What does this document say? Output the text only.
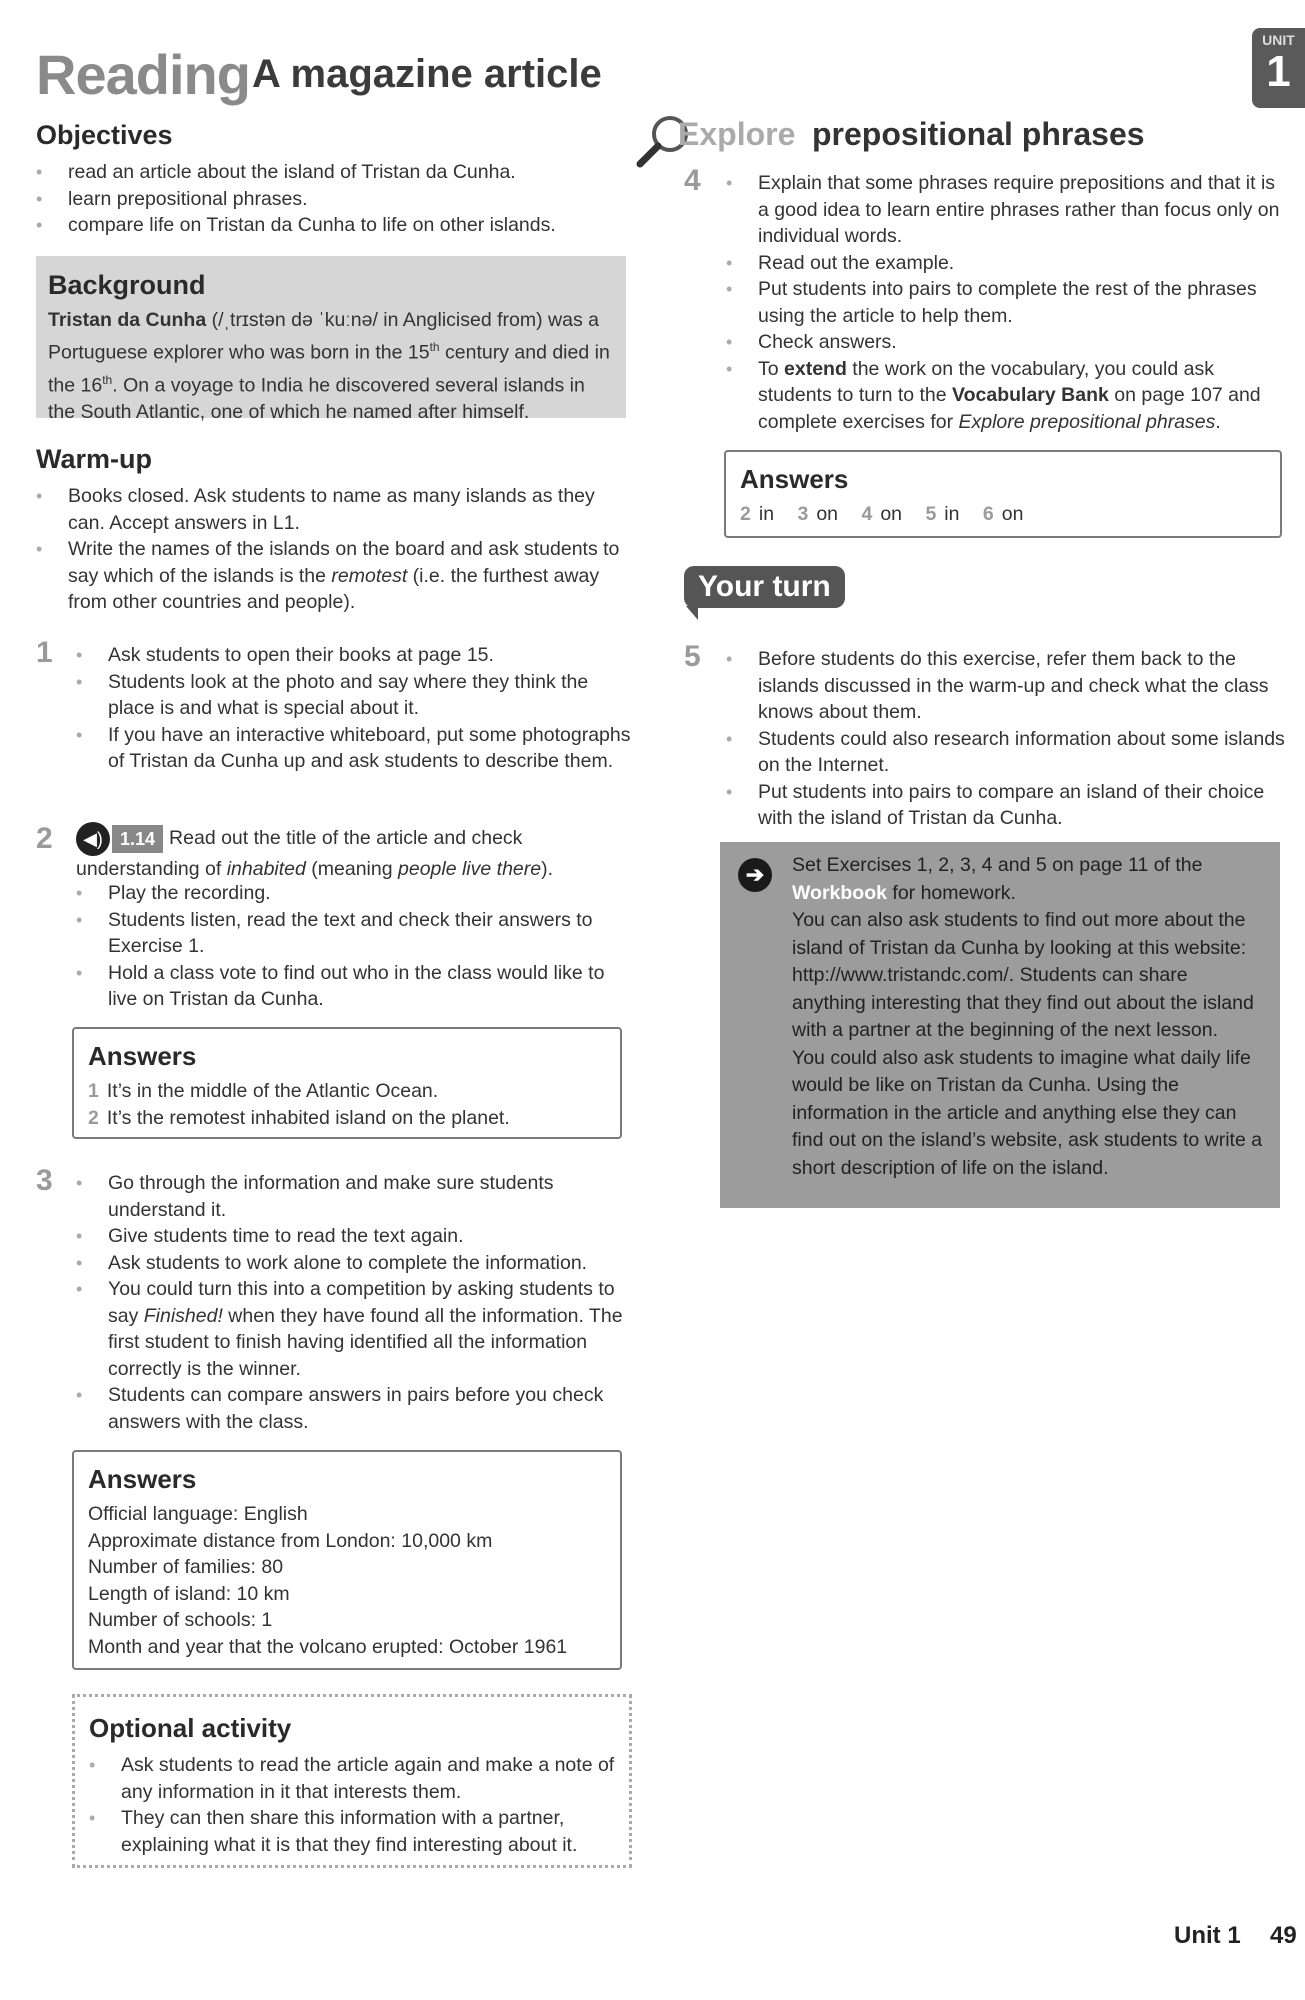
Reading A magazine article
UNIT
1
Objectives
• read an article about the island of Tristan da Cunha.
• learn prepositional phrases.
• compare life on Tristan da Cunha to life on other islands.
Background

Tristan da Cunha (/ˌtrɪstən də ˈkuːnə/ in Anglicised from) was a Portuguese explorer who was born in the 15th century and died in the 16th. On a voyage to India he discovered several islands in the South Atlantic, one of which he named after himself.

Warm-up
• Books closed. Ask students to name as many islands as they can. Accept answers in L1.
• Write the names of the islands on the board and ask students to say which of the islands is the remotest (i.e. the furthest away from other countries and people).
1	• Ask students to open their books at page 15.
• Students look at the photo and say where they think the place is and what is special about it.
• If you have an interactive whiteboard, put some photographs of Tristan da Cunha up and ask students to describe them.
2	◀) 1.14 Read out the title of the article and check understanding of inhabited (meaning people live there).
• Play the recording.
• Students listen, read the text and check their answers to Exercise 1.
• Hold a class vote to find out who in the class would like to live on Tristan da Cunha.
Answers
1 It’s in the middle of the Atlantic Ocean.
2 It’s the remotest inhabited island on the planet.
3	• Go through the information and make sure students understand it.
• Give students time to read the text again.
• Ask students to work alone to complete the information.
• You could turn this into a competition by asking students to say Finished! when they have found all the information. The first student to finish having identified all the information correctly is the winner.
• Students can compare answers in pairs before you check answers with the class.
Answers
Official language: English
Approximate distance from London: 10,000 km
Number of families: 80
Length of island: 10 km
Number of schools: 1
Month and year that the volcano erupted: October 1961
Optional activity
• Ask students to read the article again and make a note of any information in it that interests them.
• They can then share this information with a partner, explaining what it is that they find interesting about it.
Explore prepositional phrases
4	• Explain that some phrases require prepositions and that it is a good idea to learn entire phrases rather than focus only on individual words.
• Read out the example.
• Put students into pairs to complete the rest of the phrases using the article to help them.
• Check answers.
• To extend the work on the vocabulary, you could ask students to turn to the Vocabulary Bank on page 107 and complete exercises for Explore prepositional phrases.
Answers
2 in 3 on 4 on 5 in 6 on
Your turn
5	• Before students do this exercise, refer them back to the islands discussed in the warm-up and check what the class knows about them.
• Students could also research information about some islands on the Internet.
• Put students into pairs to compare an island of their choice with the island of Tristan da Cunha.
➔	Set Exercises 1, 2, 3, 4 and 5 on page 11 of the Workbook for homework.

You can also ask students to find out more about the island of Tristan da Cunha by looking at this website: http://www.tristandc.com/. Students can share anything interesting that they find out about the island with a partner at the beginning of the next lesson.

You could also ask students to imagine what daily life would be like on Tristan da Cunha. Using the information in the article and anything else they can find out on the island’s website, ask students to write a short description of life on the island.

Unit 1 49
